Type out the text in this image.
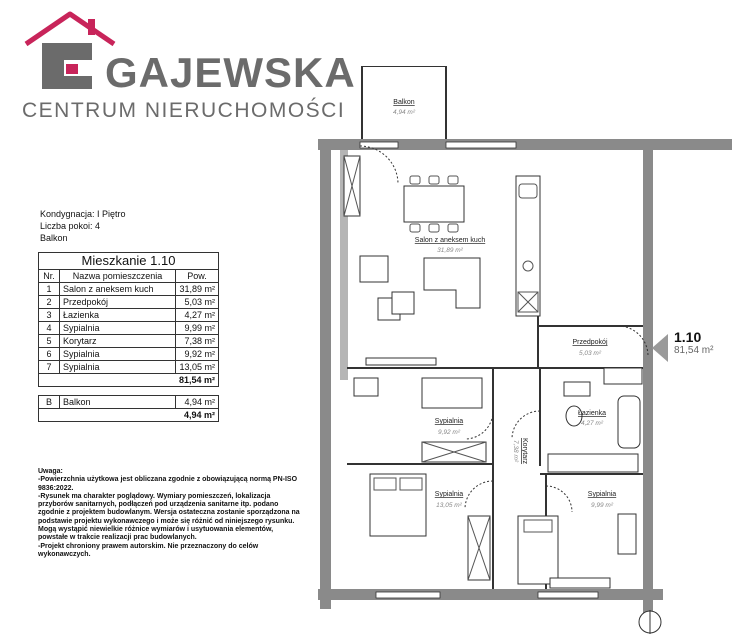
GAJEWSKA
CENTRUM NIERUCHOMOŚCI
Kondygnacja: I Piętro
Liczba pokoi: 4
Balkon
Mieszkanie 1.10		
Nr.	Nazwa pomieszczenia	Pow.
1	Salon z aneksem kuch	31,89 m²
2	Przedpokój	5,03 m²
3	Łazienka	4,27 m²
4	Sypialnia	9,99 m²
5	Korytarz	7,38 m²
6	Sypialnia	9,92 m²
7	Sypialnia	13,05 m²
81,54 m²		

B	Balkon	4,94 m²
4,94 m²		
Uwaga:
-Powierzchnia użytkowa jest obliczana zgodnie z obowiązującą normą PN-ISO 9836:2022.
-Rysunek ma charakter poglądowy. Wymiary pomieszczeń, lokalizacja przyborów sanitarnych, podłączeń pod urządzenia sanitarne itp. podano zgodnie z projektem budowlanym. Wersja ostateczna zostanie sporządzona na podstawie projektu wykonawczego i może się różnić od niniejszego rysunku. Mogą wystąpić niewielkie różnice wymiarów i usytuowania elementów, powstałe w trakcie realizacji prac budowlanych.
-Projekt chroniony prawem autorskim. Nie przeznaczony do celów wykonawczych.
Balkon
4,94 m²
Salon z aneksem kuch
31,89 m²
Przedpokój
5,03 m²
Łazienka
4,27 m²
Sypialnia
9,92 m²
Sypialnia
13,05 m²
Sypialnia
9,99 m²
Korytarz
7,38 m²
1.10
81,54 m²
